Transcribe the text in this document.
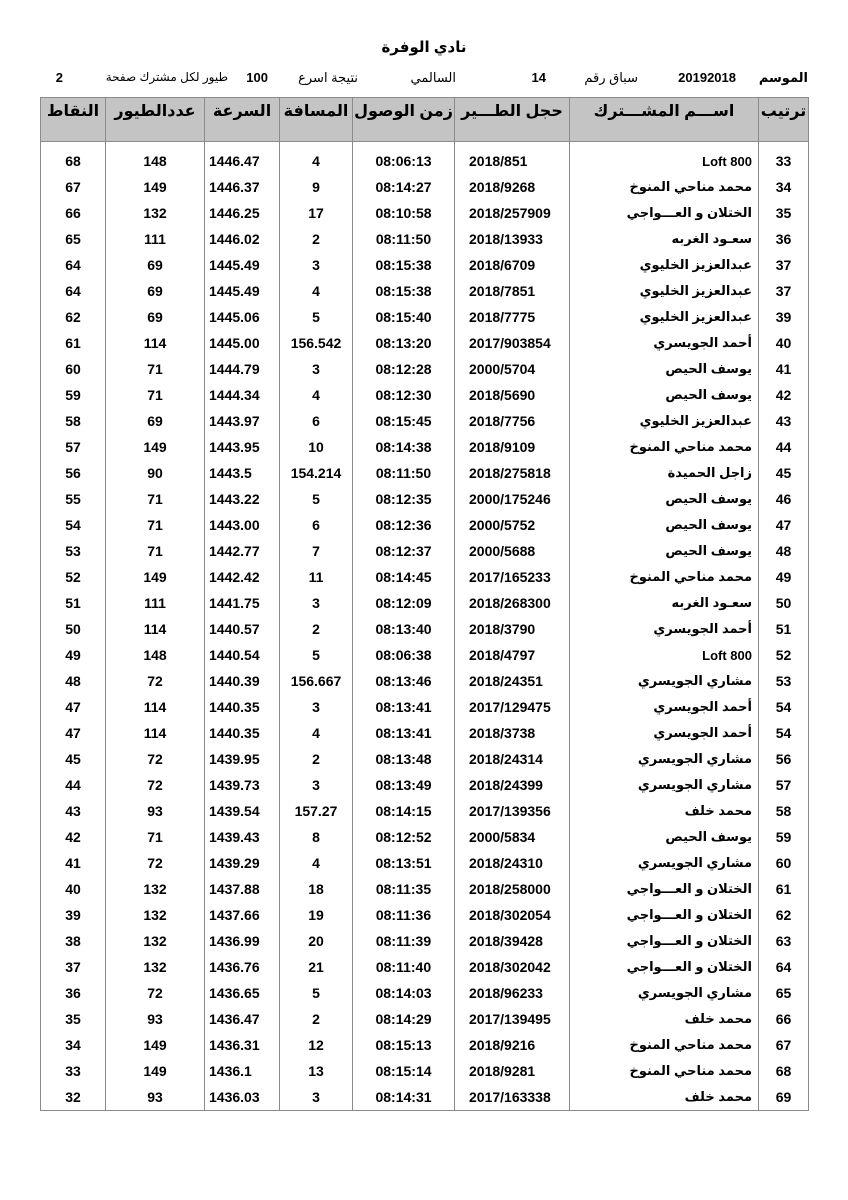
نادي الوفرة
الموسم
20192018
سباق رقم
14
السالمي
نتيجة اسرع
100
طيور لكل مشترك صفحة
2
ترتيب	اســـم المشـــترك	حجل الطـــير	زمن الوصول	المسافة	السرعة	عددالطيور	النقاط

33	Loft 800	2018/851	08:06:13	4	1446.47	148	68
34	محمد مناحي المنوخ	2018/9268	08:14:27	9	1446.37	149	67
35	الختلان و العـــواجي	2018/257909	08:10:58	17	1446.25	132	66
36	سعـود الغربه	2018/13933	08:11:50	2	1446.02	111	65
37	عبدالعزيز الخليوي	2018/6709	08:15:38	3	1445.49	69	64
37	عبدالعزيز الخليوي	2018/7851	08:15:38	4	1445.49	69	64
39	عبدالعزيز الخليوي	2018/7775	08:15:40	5	1445.06	69	62
40	أحمد الجويسري	2017/903854	08:13:20	156.542	1445.00	114	61
41	يوسف الحيص	2000/5704	08:12:28	3	1444.79	71	60
42	يوسف الحيص	2018/5690	08:12:30	4	1444.34	71	59
43	عبدالعزيز الخليوي	2018/7756	08:15:45	6	1443.97	69	58
44	محمد مناحي المنوخ	2018/9109	08:14:38	10	1443.95	149	57
45	زاجل الحميدة	2018/275818	08:11:50	154.214	1443.5	90	56
46	يوسف الحيص	2000/175246	08:12:35	5	1443.22	71	55
47	يوسف الحيص	2000/5752	08:12:36	6	1443.00	71	54
48	يوسف الحيص	2000/5688	08:12:37	7	1442.77	71	53
49	محمد مناحي المنوخ	2017/165233	08:14:45	11	1442.42	149	52
50	سعـود الغربه	2018/268300	08:12:09	3	1441.75	111	51
51	أحمد الجويسري	2018/3790	08:13:40	2	1440.57	114	50
52	Loft 800	2018/4797	08:06:38	5	1440.54	148	49
53	مشاري الجويسري	2018/24351	08:13:46	156.667	1440.39	72	48
54	أحمد الجويسري	2017/129475	08:13:41	3	1440.35	114	47
54	أحمد الجويسري	2018/3738	08:13:41	4	1440.35	114	47
56	مشاري الجويسري	2018/24314	08:13:48	2	1439.95	72	45
57	مشاري الجويسري	2018/24399	08:13:49	3	1439.73	72	44
58	محمد خلف	2017/139356	08:14:15	157.27	1439.54	93	43
59	يوسف الحيص	2000/5834	08:12:52	8	1439.43	71	42
60	مشاري الجويسري	2018/24310	08:13:51	4	1439.29	72	41
61	الختلان و العـــواجي	2018/258000	08:11:35	18	1437.88	132	40
62	الختلان و العـــواجي	2018/302054	08:11:36	19	1437.66	132	39
63	الختلان و العـــواجي	2018/39428	08:11:39	20	1436.99	132	38
64	الختلان و العـــواجي	2018/302042	08:11:40	21	1436.76	132	37
65	مشاري الجويسري	2018/96233	08:14:03	5	1436.65	72	36
66	محمد خلف	2017/139495	08:14:29	2	1436.47	93	35
67	محمد مناحي المنوخ	2018/9216	08:15:13	12	1436.31	149	34
68	محمد مناحي المنوخ	2018/9281	08:15:14	13	1436.1	149	33
69	محمد خلف	2017/163338	08:14:31	3	1436.03	93	32
